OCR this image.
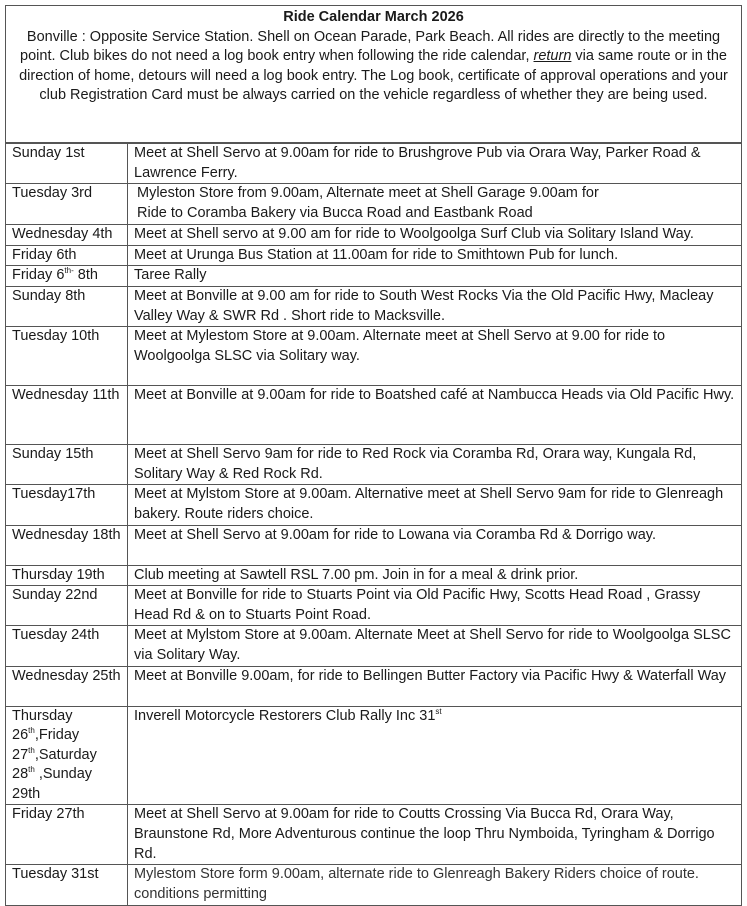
Ride Calendar March 2026
Bonville : Opposite Service Station. Shell on Ocean Parade, Park Beach. All rides are directly to the meeting point. Club bikes do not need a log book entry when following the ride calendar, return via same route or in the direction of home, detours will need a log book entry. The Log book, certificate of approval operations and your club Registration Card must be always carried on the vehicle regardless of whether they are being used.
Sunday 1st	Meet at Shell Servo at 9.00am for ride to Brushgrove Pub via Orara Way, Parker Road & Lawrence Ferry.
Tuesday 3rd	Myleston Store from 9.00am, Alternate meet at Shell Garage 9.00am for
Ride to Coramba Bakery via Bucca Road and Eastbank Road

Wednesday 4th	Meet at Shell servo at 9.00 am for ride to Woolgoolga Surf Club via Solitary Island Way.
Friday 6th	Meet at Urunga Bus Station at 11.00am for ride to Smithtown Pub for lunch.
Friday $6^{th-}$ 8th	Taree Rally
Sunday 8th	Meet at Bonville at 9.00 am for ride to South West Rocks Via the Old Pacific Hwy, Macleay Valley Way & SWR Rd . Short ride to Macksville.
Tuesday 10th	Meet at Mylestom Store at 9.00am. Alternate meet at Shell Servo at 9.00 for ride to Woolgoolga SLSC via Solitary way.
Wednesday 11th	Meet at Bonville at 9.00am for ride to Boatshed café at Nambucca Heads via Old Pacific Hwy.
Sunday 15th	Meet at Shell Servo 9am for ride to Red Rock via Coramba Rd, Orara way, Kungala Rd, Solitary Way & Red Rock Rd.
Tuesday17th	Meet at Mylstom Store at 9.00am. Alternative meet at Shell Servo 9am for ride to Glenreagh bakery. Route riders choice.
Wednesday 18th	Meet at Shell Servo at 9.00am for ride to Lowana via Coramba Rd & Dorrigo way.
Thursday 19th	Club meeting at Sawtell RSL 7.00 pm. Join in for a meal & drink prior.
Sunday 22nd	Meet at Bonville for ride to Stuarts Point via Old Pacific Hwy, Scotts Head Road , Grassy Head Rd & on to Stuarts Point Road.
Tuesday 24th	Meet at Mylstom Store at 9.00am. Alternate Meet at Shell Servo for ride to Woolgoolga SLSC via Solitary Way.
Wednesday 25th	Meet at Bonville 9.00am, for ride to Bellingen Butter Factory via Pacific Hwy & Waterfall Way
Thursday 26th,Friday 27th,Saturday 28th ,Sunday 29th	Inverell Motorcycle Restorers Club Rally Inc 31st
Friday 27th	Meet at Shell Servo at 9.00am for ride to Coutts Crossing Via Bucca Rd, Orara Way, Braunstone Rd, More Adventurous continue the loop Thru Nymboida, Tyringham & Dorrigo Rd.
Tuesday 31st	Mylestom Store form 9.00am, alternate ride to Glenreagh Bakery Riders choice of route. conditions permitting
